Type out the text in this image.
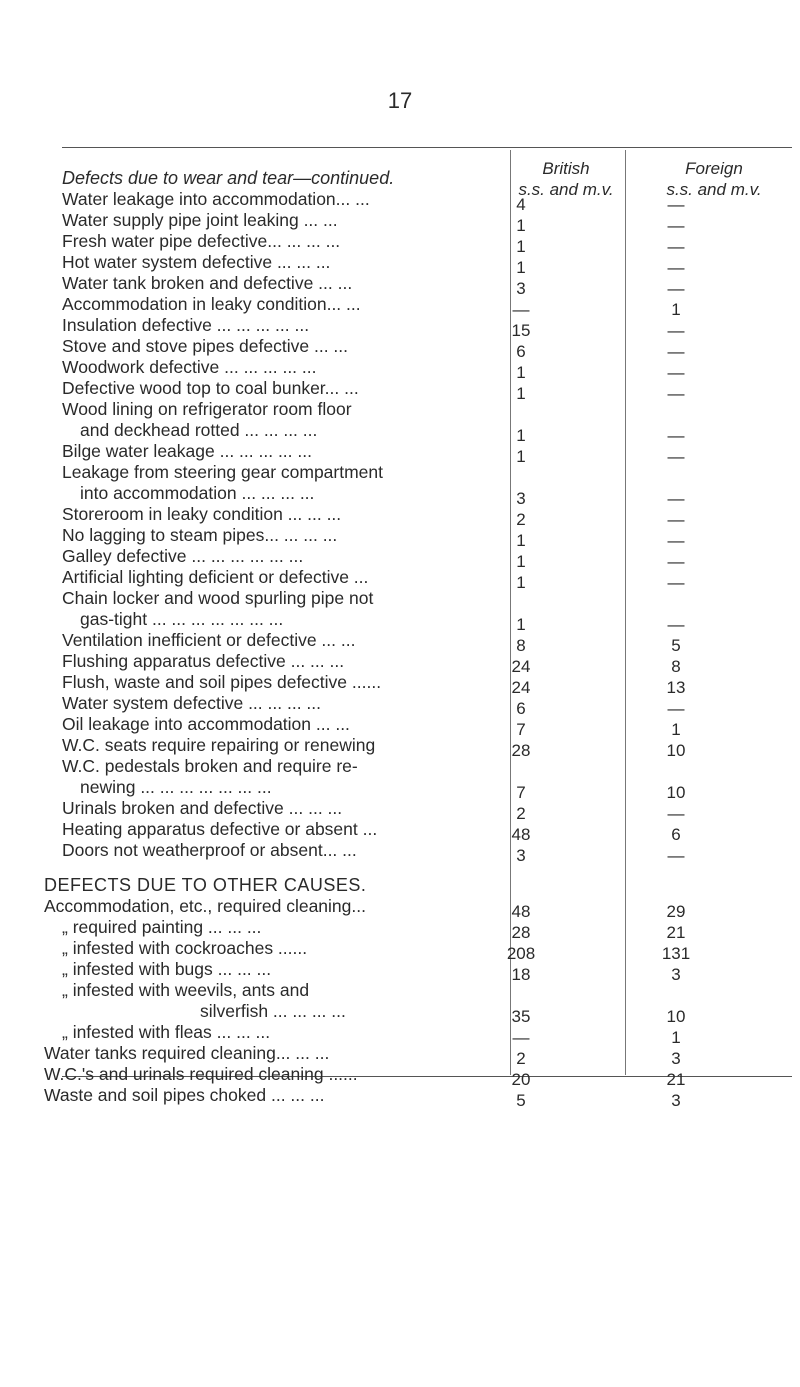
17
British
s.s. and m.v.
Foreign
s.s. and m.v.
Defects due to wear and tear—continued.
Water leakage into accommodation... ...	4	—
Water supply pipe joint leaking ... ...	1	—
Fresh water pipe defective... ... ... ...	1	—
Hot water system defective ... ... ...	1	—
Water tank broken and defective ... ...	3	—
Accommodation in leaky condition... ...	—	1
Insulation defective ... ... ... ... ...	15	—
Stove and stove pipes defective ... ...	6	—
Woodwork defective ... ... ... ... ...	1	—
Defective wood top to coal bunker... ...	1	—
Wood lining on refrigerator room floor
and deckhead rotted ... ... ... ...	1	—
Bilge water leakage ... ... ... ... ...	1	—
Leakage from steering gear compartment
into accommodation ... ... ... ...	3	—
Storeroom in leaky condition ... ... ...	2	—
No lagging to steam pipes... ... ... ...	1	—
Galley defective ... ... ... ... ... ...	1	—
Artificial lighting deficient or defective ...	1	—
Chain locker and wood spurling pipe not
gas-tight ... ... ... ... ... ... ...	1	—
Ventilation inefficient or defective ... ...	8	5
Flushing apparatus defective ... ... ...	24	8
Flush, waste and soil pipes defective ......	24	13
Water system defective ... ... ... ...	6	—
Oil leakage into accommodation ... ...	7	1
W.C. seats require repairing or renewing	28	10
W.C. pedestals broken and require re-
newing ... ... ... ... ... ... ...	7	10
Urinals broken and defective ... ... ...	2	—
Heating apparatus defective or absent ...	48	6
Doors not weatherproof or absent... ...	3	—
DEFECTS DUE TO OTHER CAUSES.
Accommodation, etc., required cleaning...	48	29
„ required painting ... ... ...	28	21
„ infested with cockroaches ......	208	131
„ infested with bugs ... ... ...	18	3
„ infested with weevils, ants and
silverfish ... ... ... ...	35	10
„ infested with fleas ... ... ...	—	1
Water tanks required cleaning... ... ...	2	3
W.C.'s and urinals required cleaning ......	20	21
Waste and soil pipes choked ... ... ...	5	3
